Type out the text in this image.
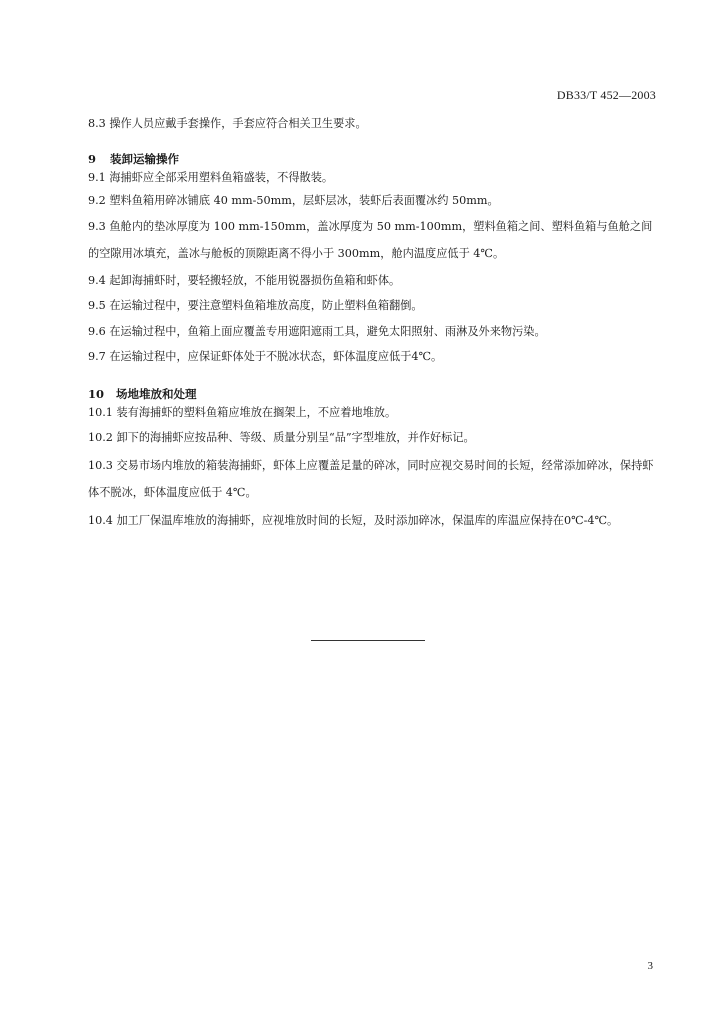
DB33/T 452—2003

8.3 操作人员应戴手套操作，手套应符合相关卫生要求。

9 装卸运输操作

9.1 海捕虾应全部采用塑料鱼箱盛装，不得散装。

9.2 塑料鱼箱用碎冰铺底 40 mm-50mm，层虾层冰，装虾后表面覆冰约 50mm。

9.3 鱼舱内的垫冰厚度为 100 mm-150mm，盖冰厚度为 50 mm-100mm，塑料鱼箱之间、塑料鱼箱与鱼舱之间的空隙用冰填充，盖冰与舱板的顶隙距离不得小于 300mm，舱内温度应低于 4℃。

9.4 起卸海捕虾时，要轻搬轻放，不能用锐器损伤鱼箱和虾体。

9.5 在运输过程中，要注意塑料鱼箱堆放高度，防止塑料鱼箱翻倒。

9.6 在运输过程中，鱼箱上面应覆盖专用遮阳遮雨工具，避免太阳照射、雨淋及外来物污染。

9.7 在运输过程中，应保证虾体处于不脱冰状态，虾体温度应低于4℃。

10 场地堆放和处理

10.1 装有海捕虾的塑料鱼箱应堆放在搁架上，不应着地堆放。

10.2 卸下的海捕虾应按品种、等级、质量分别呈“品”字型堆放，并作好标记。

10.3 交易市场内堆放的箱装海捕虾，虾体上应覆盖足量的碎冰，同时应视交易时间的长短，经常添加碎冰，保持虾体不脱冰，虾体温度应低于 4℃。

10.4 加工厂保温库堆放的海捕虾，应视堆放时间的长短，及时添加碎冰，保温库的库温应保持在0℃-4℃。

3
